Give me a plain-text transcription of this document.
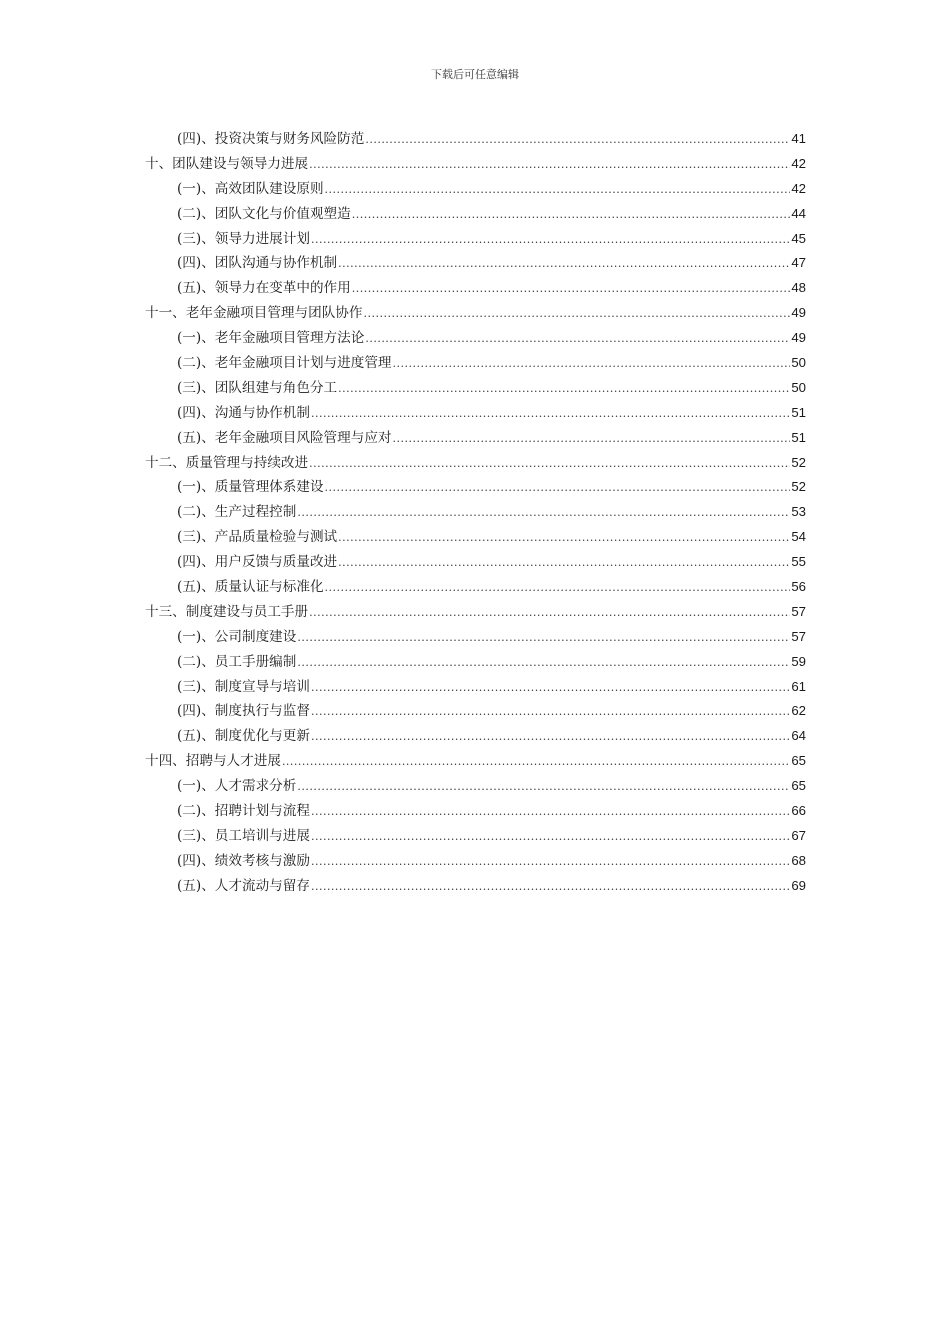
下载后可任意编辑
(四)、投资决策与财务风险防范 .....	41
十、团队建设与领导力进展 .....	42
(一)、高效团队建设原则 .....	42
(二)、团队文化与价值观塑造 .....	44
(三)、领导力进展计划 .....	45
(四)、团队沟通与协作机制 .....	47
(五)、领导力在变革中的作用 .....	48
十一、老年金融项目管理与团队协作 .....	49
(一)、老年金融项目管理方法论 .....	49
(二)、老年金融项目计划与进度管理 .....	50
(三)、团队组建与角色分工 .....	50
(四)、沟通与协作机制 .....	51
(五)、老年金融项目风险管理与应对 .....	51
十二、质量管理与持续改进 .....	52
(一)、质量管理体系建设 .....	52
(二)、生产过程控制 .....	53
(三)、产品质量检验与测试 .....	54
(四)、用户反馈与质量改进 .....	55
(五)、质量认证与标准化 .....	56
十三、制度建设与员工手册 .....	57
(一)、公司制度建设 .....	57
(二)、员工手册编制 .....	59
(三)、制度宣导与培训 .....	61
(四)、制度执行与监督 .....	62
(五)、制度优化与更新 .....	64
十四、招聘与人才进展 .....	65
(一)、人才需求分析 .....	65
(二)、招聘计划与流程 .....	66
(三)、员工培训与进展 .....	67
(四)、绩效考核与激励 .....	68
(五)、人才流动与留存 .....	69
